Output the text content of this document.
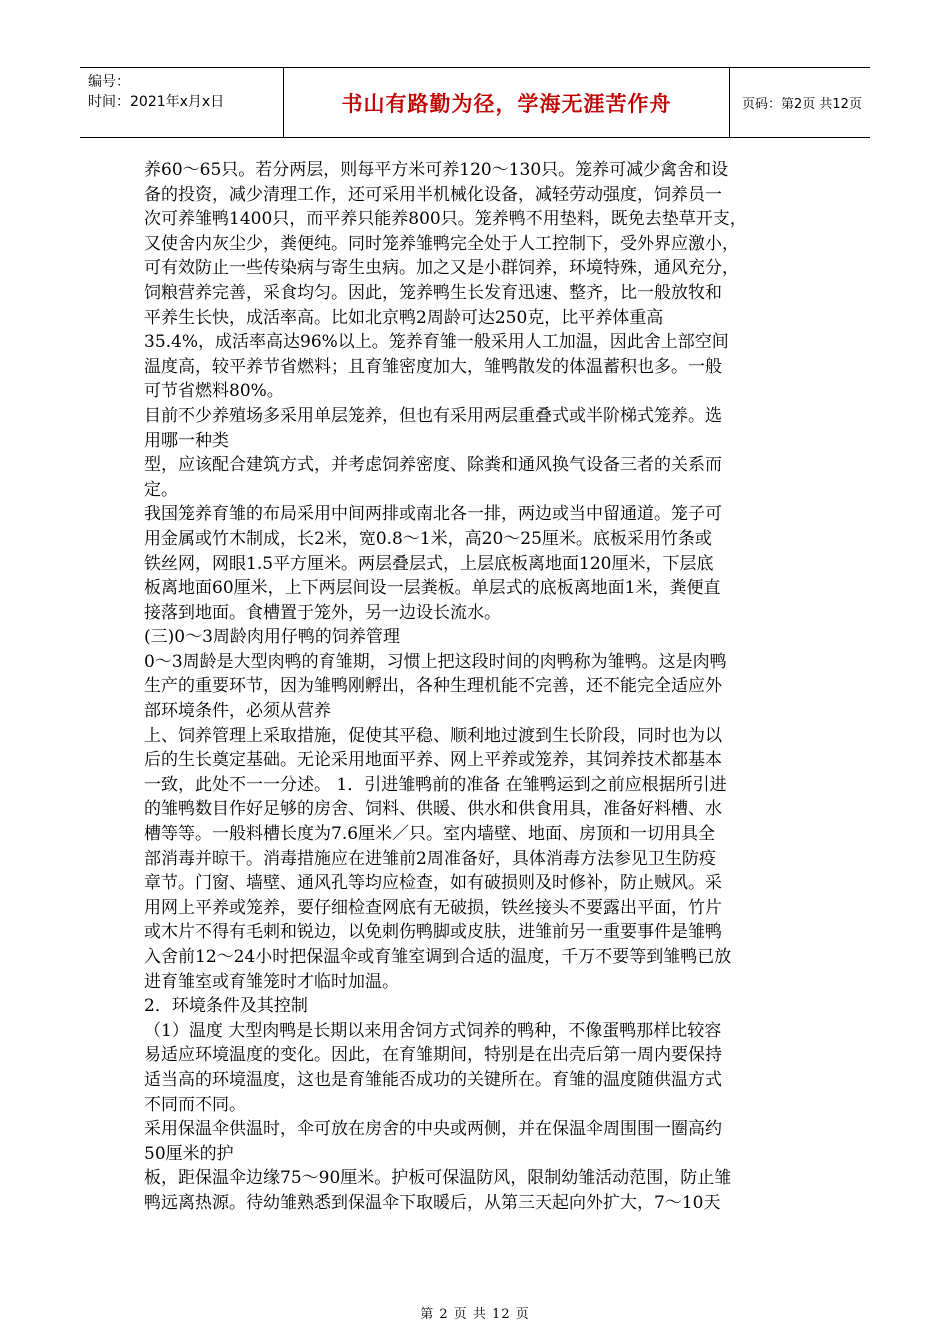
编号：
时间：2021年x月x日	书山有路勤为径，学海无涯苦作舟	页码：第2页 共12页

养60～65只。若分两层，则每平方米可养120～130只。笼养可减少禽舍和设

备的投资，减少清理工作，还可采用半机械化设备，减轻劳动强度，饲养员一

次可养雏鸭1400只，而平养只能养800只。笼养鸭不用垫料，既免去垫草开支，

又使舍内灰尘少，粪便纯。同时笼养雏鸭完全处于人工控制下，受外界应激小，

可有效防止一些传染病与寄生虫病。加之又是小群饲养，环境特殊，通风充分，

饲粮营养完善，采食均匀。因此，笼养鸭生长发育迅速、整齐，比一般放牧和

平养生长快，成活率高。比如北京鸭2周龄可达250克，比平养体重高

35.4%，成活率高达96%以上。笼养育雏一般采用人工加温，因此舍上部空间

温度高，较平养节省燃料；且育雏密度加大，雏鸭散发的体温蓄积也多。一般

可节省燃料80%。

目前不少养殖场多采用单层笼养，但也有采用两层重叠式或半阶梯式笼养。选

用哪一种类

型，应该配合建筑方式，并考虑饲养密度、除粪和通风换气设备三者的关系而

定。

我国笼养育雏的布局采用中间两排或南北各一排，两边或当中留通道。笼子可

用金属或竹木制成，长2米，宽0.8～1米，高20～25厘米。底板采用竹条或

铁丝网，网眼1.5平方厘米。两层叠层式，上层底板离地面120厘米，下层底

板离地面60厘米，上下两层间设一层粪板。单层式的底板离地面1米，粪便直

接落到地面。食槽置于笼外，另一边设长流水。

(三)0～3周龄肉用仔鸭的饲养管理

0～3周龄是大型肉鸭的育雏期，习惯上把这段时间的肉鸭称为雏鸭。这是肉鸭

生产的重要环节，因为雏鸭刚孵出，各种生理机能不完善，还不能完全适应外

部环境条件，必须从营养

上、饲养管理上采取措施，促使其平稳、顺利地过渡到生长阶段，同时也为以

后的生长奠定基础。无论采用地面平养、网上平养或笼养，其饲养技术都基本

一致，此处不一一分述。 1．引进雏鸭前的准备 在雏鸭运到之前应根据所引进

的雏鸭数目作好足够的房舍、饲料、供暖、供水和供食用具，准备好料槽、水

槽等等。一般料槽长度为7.6厘米／只。室内墙壁、地面、房顶和一切用具全

部消毒并晾干。消毒措施应在进雏前2周准备好，具体消毒方法参见卫生防疫

章节。门窗、墙壁、通风孔等均应检查，如有破损则及时修补，防止贼风。采

用网上平养或笼养，要仔细检查网底有无破损，铁丝接头不要露出平面，竹片

或木片不得有毛刺和锐边，以免刺伤鸭脚或皮肤，进雏前另一重要事件是雏鸭

入舍前12～24小时把保温伞或育雏室调到合适的温度，千万不要等到雏鸭已放

进育雏室或育雏笼时才临时加温。

2．环境条件及其控制

（1）温度 大型肉鸭是长期以来用舍饲方式饲养的鸭种，不像蛋鸭那样比较容

易适应环境温度的变化。因此，在育雏期间，特别是在出壳后第一周内要保持

适当高的环境温度，这也是育雏能否成功的关键所在。育雏的温度随供温方式

不同而不同。

采用保温伞供温时，伞可放在房舍的中央或两侧，并在保温伞周围围一圈高约

50厘米的护

板，距保温伞边缘75～90厘米。护板可保温防风，限制幼雏活动范围，防止雏

鸭远离热源。待幼雏熟悉到保温伞下取暖后，从第三天起向外扩大，7～10天

第 2 页 共 12 页
